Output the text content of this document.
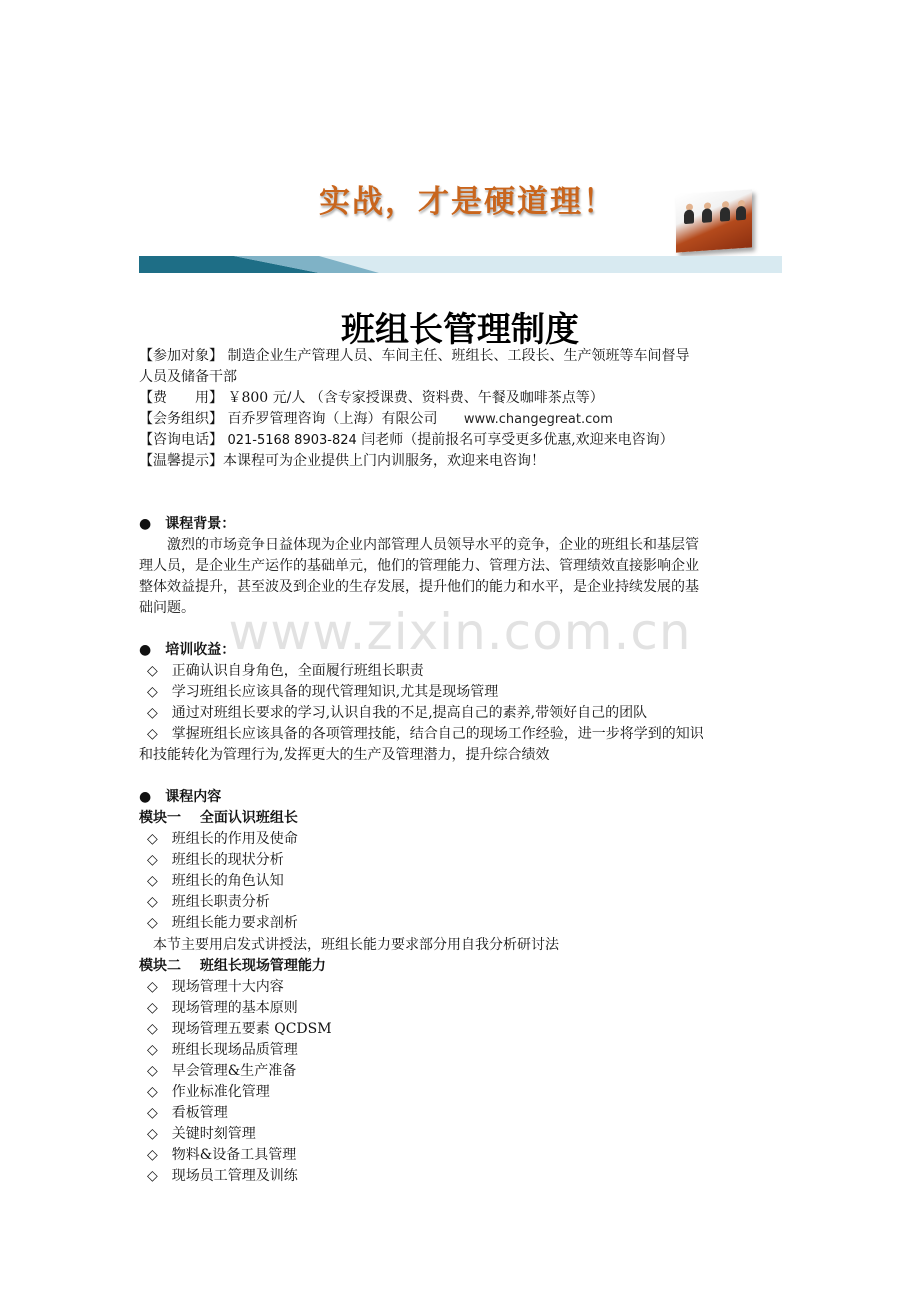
实战，才是硬道理！
班组长管理制度
【参加对象】 制造企业生产管理人员、车间主任、班组长、工段长、生产领班等车间督导
人员及储备干部
【费　　用】 ￥800 元/人 （含专家授课费、资料费、午餐及咖啡茶点等）
【会务组织】 百乔罗管理咨询（上海）有限公司 www.changegreat.com
【咨询电话】 021-5168 8903-824 闫老师（提前报名可享受更多优惠,欢迎来电咨询）
【温馨提示】本课程可为企业提供上门内训服务，欢迎来电咨询！
●　课程背景：
　　激烈的市场竞争日益体现为企业内部管理人员领导水平的竞争，企业的班组长和基层管
理人员，是企业生产运作的基础单元，他们的管理能力、管理方法、管理绩效直接影响企业
整体效益提升，甚至波及到企业的生存发展，提升他们的能力和水平，是企业持续发展的基
础问题。 www.zixin.com.cn
●　培训收益：
◇　正确认识自身角色，全面履行班组长职责
◇　学习班组长应该具备的现代管理知识,尤其是现场管理
◇　通过对班组长要求的学习,认识自我的不足,提高自己的素养,带领好自己的团队
◇　掌握班组长应该具备的各项管理技能，结合自己的现场工作经验，进一步将学到的知识
和技能转化为管理行为,发挥更大的生产及管理潜力，提升综合绩效
●　课程内容
模块一　 全面认识班组长
◇　班组长的作用及使命
◇　班组长的现状分析
◇　班组长的角色认知
◇　班组长职责分析
◇　班组长能力要求剖析
　本节主要用启发式讲授法，班组长能力要求部分用自我分析研讨法
模块二　 班组长现场管理能力
◇　现场管理十大内容
◇　现场管理的基本原则
◇　现场管理五要素 QCDSM
◇　班组长现场品质管理
◇　早会管理&生产准备
◇　作业标准化管理
◇　看板管理
◇　关键时刻管理
◇　物料&设备工具管理
◇　现场员工管理及训练
